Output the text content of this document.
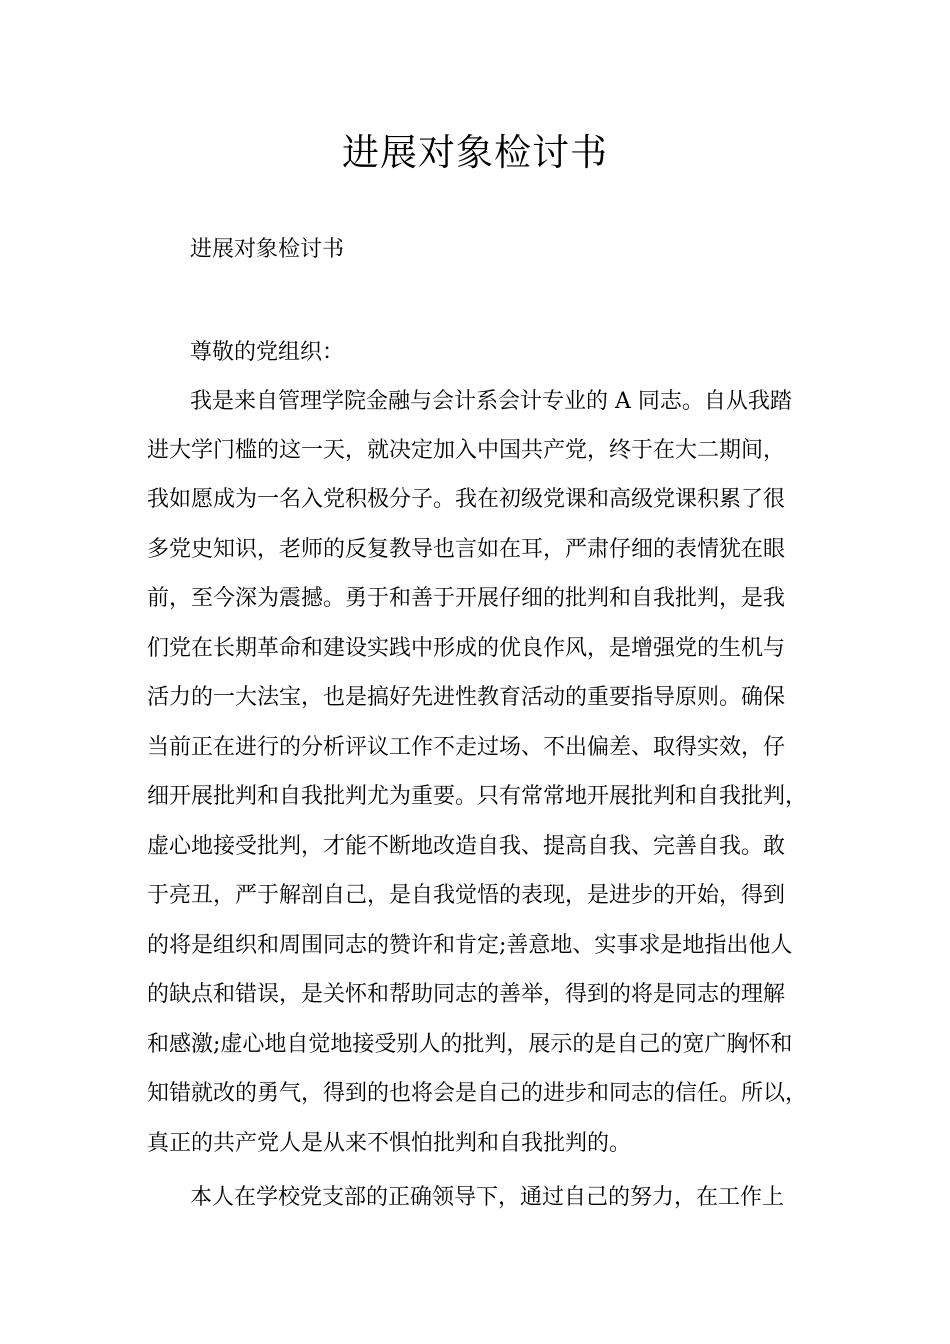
进展对象检讨书

进展对象检讨书

尊敬的党组织：

我是来自管理学院金融与会计系会计专业的 A 同志。自从我踏

进大学门槛的这一天，就决定加入中国共产党，终于在大二期间，

我如愿成为一名入党积极分子。我在初级党课和高级党课积累了很

多党史知识，老师的反复教导也言如在耳，严肃仔细的表情犹在眼

前，至今深为震撼。勇于和善于开展仔细的批判和自我批判，是我

们党在长期革命和建设实践中形成的优良作风，是增强党的生机与

活力的一大法宝，也是搞好先进性教育活动的重要指导原则。确保

当前正在进行的分析评议工作不走过场、不出偏差、取得实效，仔

细开展批判和自我批判尤为重要。只有常常地开展批判和自我批判，

虚心地接受批判，才能不断地改造自我、提高自我、完善自我。敢

于亮丑，严于解剖自己，是自我觉悟的表现，是进步的开始，得到

的将是组织和周围同志的赞许和肯定;善意地、实事求是地指出他人

的缺点和错误，是关怀和帮助同志的善举，得到的将是同志的理解

和感激;虚心地自觉地接受别人的批判，展示的是自己的宽广胸怀和

知错就改的勇气，得到的也将会是自己的进步和同志的信任。所以，

真正的共产党人是从来不惧怕批判和自我批判的。

本人在学校党支部的正确领导下，通过自己的努力，在工作上
